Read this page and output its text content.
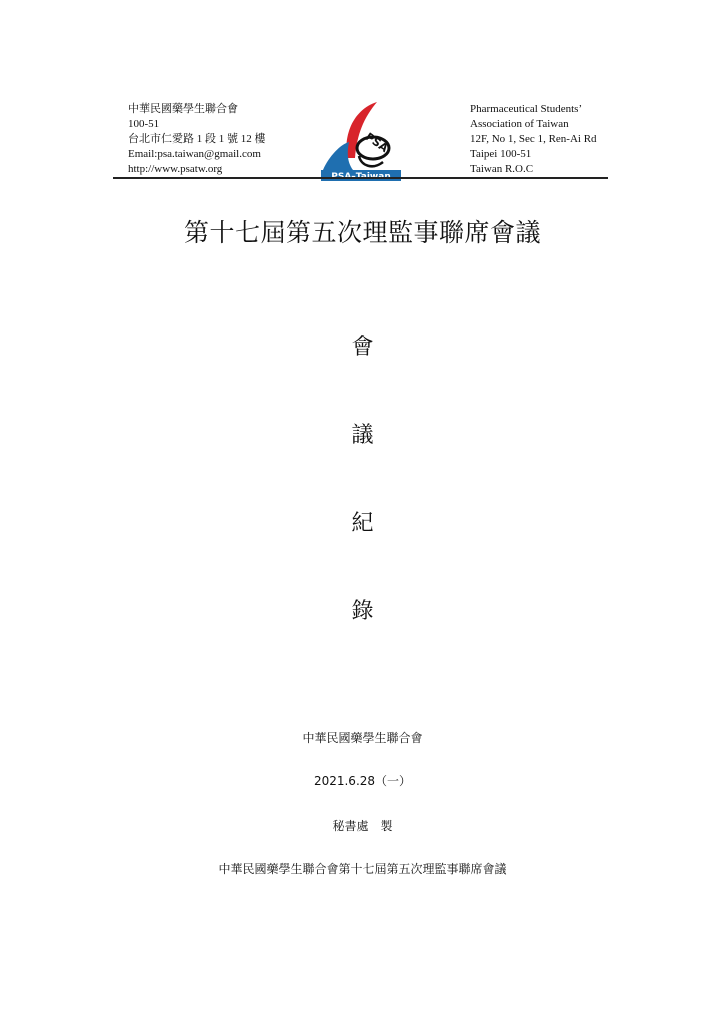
中華民國藥學生聯合會
100-51
台北市仁愛路 1 段 1 號 12 樓
Email:psa.taiwan@gmail.com
http://www.psatw.org
PSA
Pharmaceutical Students’
Association of Taiwan
12F, No 1, Sec 1, Ren-Ai Rd
Taipei 100-51
Taiwan R.O.C
第十七屆第五次理監事聯席會議
會
議
紀
錄
中華民國藥學生聯合會
2021.6.28（一）
秘書處　製
中華民國藥學生聯合會第十七屆第五次理監事聯席會議
